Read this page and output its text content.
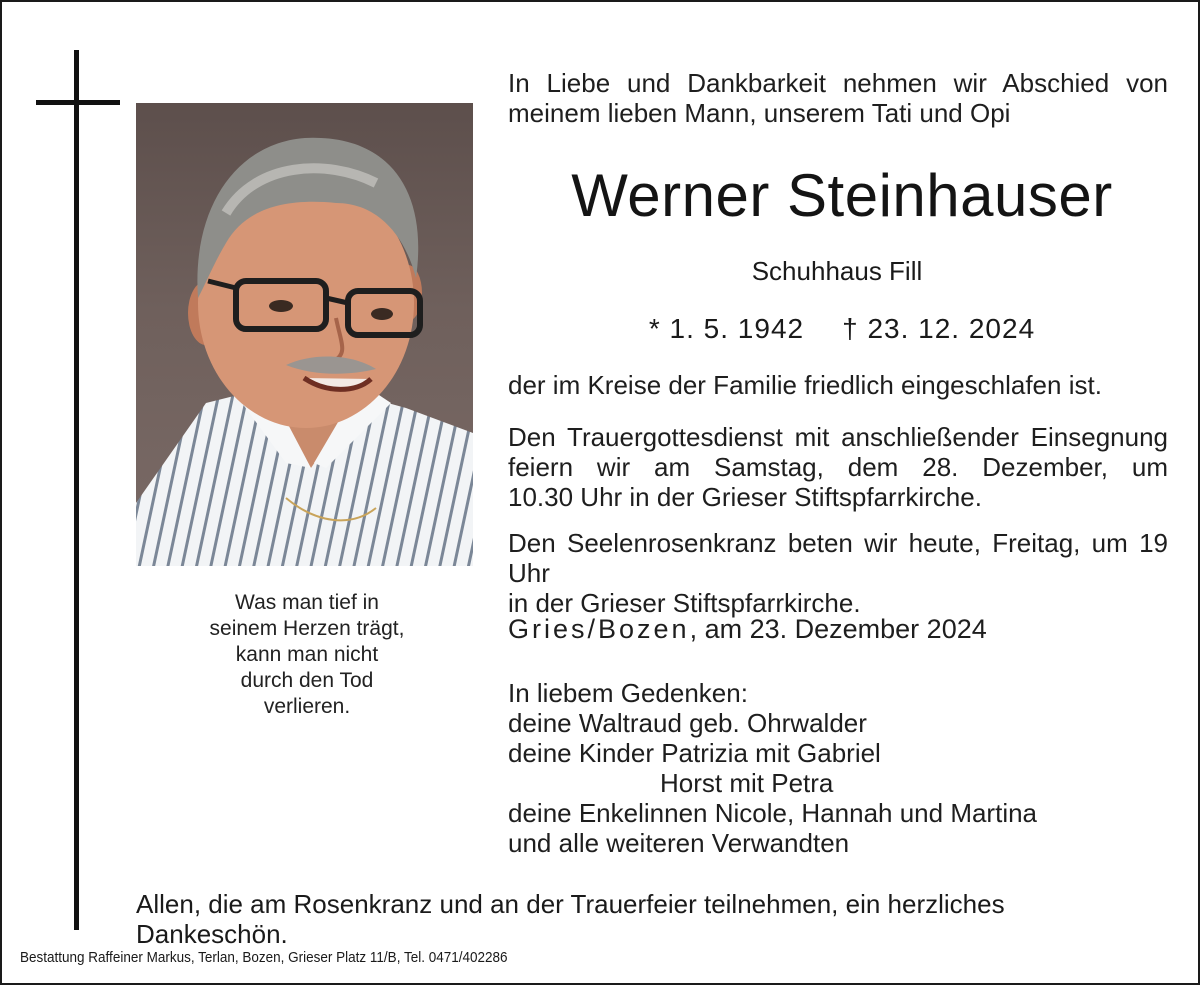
Was man tief in
seinem Herzen trägt,
kann man nicht
durch den Tod
verlieren.
In Liebe und Dankbarkeit nehmen wir Abschied von
meinem lieben Mann, unserem Tati und Opi
Werner Steinhauser
Schuhhaus Fill
* 1. 5. 1942 † 23. 12. 2024
der im Kreise der Familie friedlich eingeschlafen ist.
Den Trauergottesdienst mit anschließender Einsegnung
feiern wir am Samstag, dem 28. Dezember, um
10.30 Uhr in der Grieser Stiftspfarrkirche.
Den Seelenrosenkranz beten wir heute, Freitag, um 19 Uhr
in der Grieser Stiftspfarrkirche.
Gries/Bozen, am 23. Dezember 2024
In liebem Gedenken:
deine Waltraud geb. Ohrwalder
deine Kinder Patrizia mit Gabriel
Horst mit Petra
deine Enkelinnen Nicole, Hannah und Martina
und alle weiteren Verwandten
Allen, die am Rosenkranz und an der Trauerfeier teilnehmen, ein herzliches Dankeschön.
Bestattung Raffeiner Markus, Terlan, Bozen, Grieser Platz 11/B, Tel. 0471/402286
